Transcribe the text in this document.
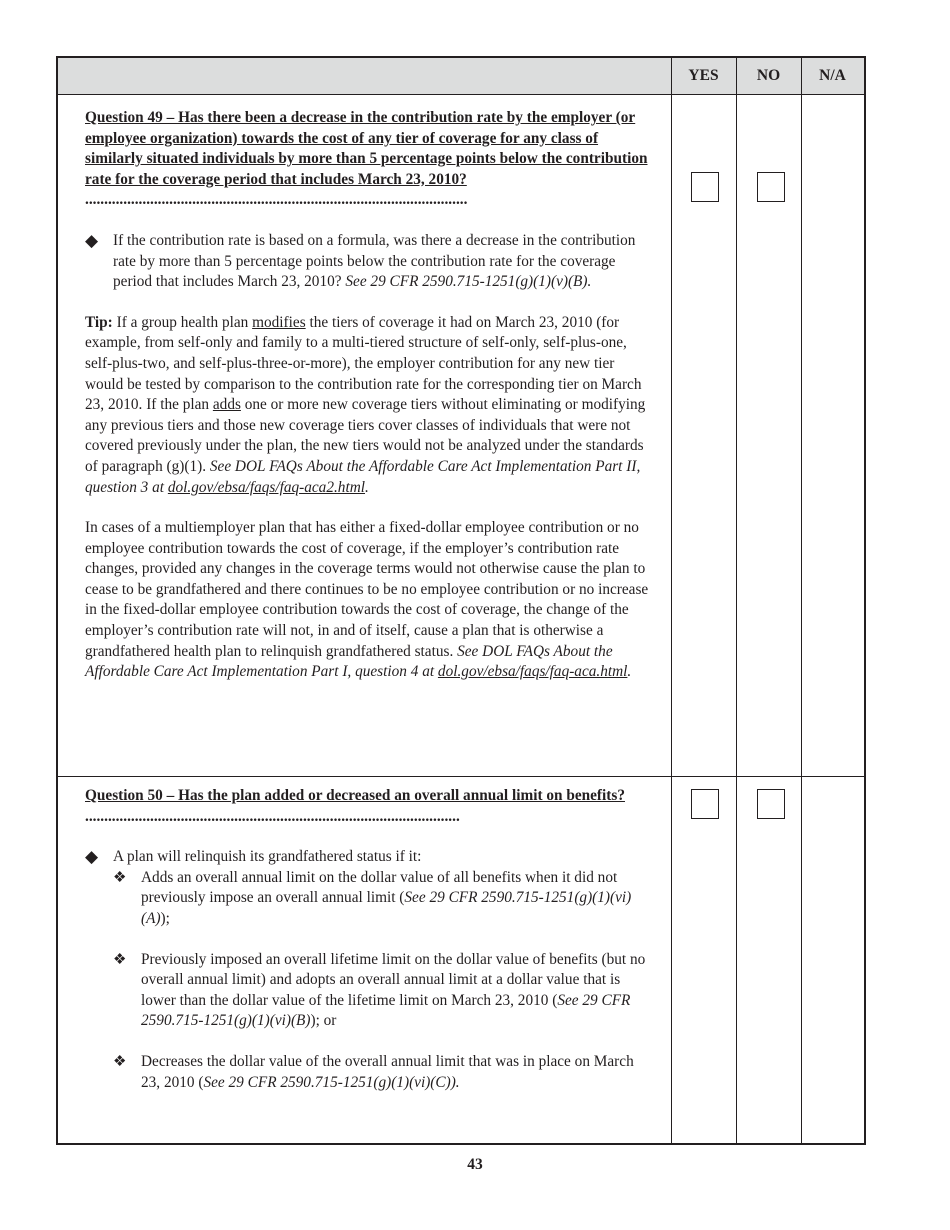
YES	NO	N/A

Question 49 – Has there been a decrease in the contribution rate by the employer (or employee organization) towards the cost of any tier of coverage for any class of similarly situated individuals by more than 5 percentage points below the contribution rate for the coverage period that includes March 23, 2010? ....................................................................................................

◆ If the contribution rate is based on a formula, was there a decrease in the contribution rate by more than 5 percentage points below the contribution rate for the coverage period that includes March 23, 2010? See 29 CFR 2590.715-1251(g)(1)(v)(B).

Tip: If a group health plan modifies the tiers of coverage it had on March 23, 2010 (for example, from self-only and family to a multi-tiered structure of self-only, self-plus-one, self-plus-two, and self-plus-three-or-more), the employer contribution for any new tier would be tested by comparison to the contribution rate for the corresponding tier on March 23, 2010. If the plan adds one or more new coverage tiers without eliminating or modifying any previous tiers and those new coverage tiers cover classes of individuals that were not covered previously under the plan, the new tiers would not be analyzed under the standards of paragraph (g)(1). See DOL FAQs About the Affordable Care Act Implementation Part II, question 3 at dol.gov/ebsa/faqs/faq-aca2.html.

In cases of a multiemployer plan that has either a fixed-dollar employee contribution or no employee contribution towards the cost of coverage, if the employer’s contribution rate changes, provided any changes in the coverage terms would not otherwise cause the plan to cease to be grandfathered and there continues to be no employee contribution or no increase in the fixed-dollar employee contribution towards the cost of coverage, the change of the employer’s contribution rate will not, in and of itself, cause a plan that is otherwise a grandfathered health plan to relinquish grandfathered status. See DOL FAQs About the Affordable Care Act Implementation Part I, question 4 at dol.gov/ebsa/faqs/faq-aca.html.

Question 50 – Has the plan added or decreased an overall annual limit on benefits? ..................................................................................................

◆ A plan will relinquish its grandfathered status if it:

❖ Adds an overall annual limit on the dollar value of all benefits when it did not previously impose an overall annual limit (See 29 CFR 2590.715-1251(g)(1)(vi)(A));

❖ Previously imposed an overall lifetime limit on the dollar value of benefits (but no overall annual limit) and adopts an overall annual limit at a dollar value that is lower than the dollar value of the lifetime limit on March 23, 2010 (See 29 CFR 2590.715-1251(g)(1)(vi)(B)); or

❖ Decreases the dollar value of the overall annual limit that was in place on March 23, 2010 (See 29 CFR 2590.715-1251(g)(1)(vi)(C)).

43
